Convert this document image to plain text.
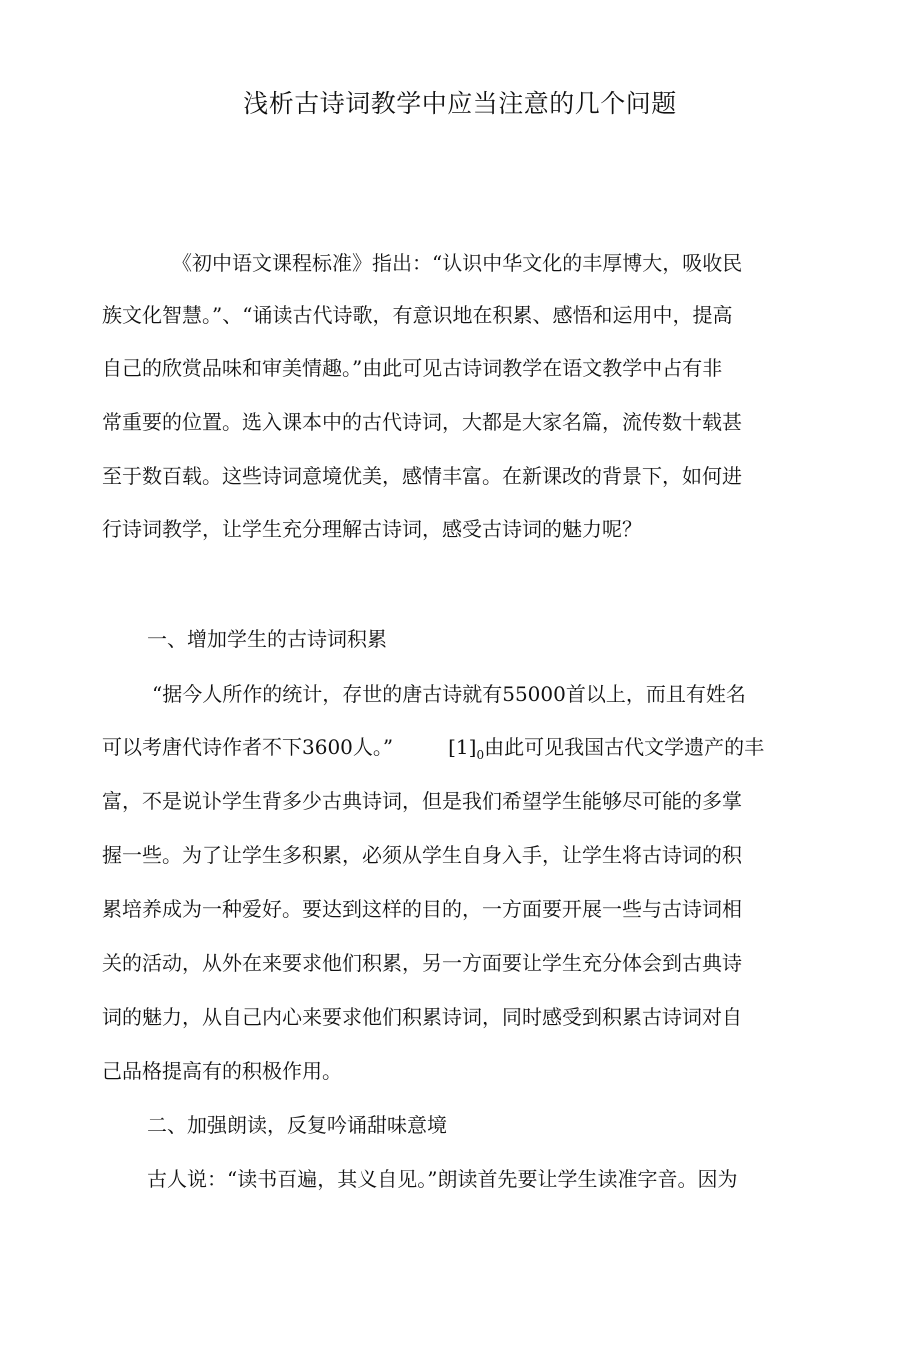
浅析古诗词教学中应当注意的几个问题

《初中语文课程标准》指出：“认识中华文化的丰厚博大，吸收民

族文化智慧。”、“诵读古代诗歌，有意识地在积累、感悟和运用中，提高

自己的欣赏品味和审美情趣。”由此可见古诗词教学在语文教学中占有非

常重要的位置。选入课本中的古代诗词，大都是大家名篇，流传数十载甚

至于数百载。这些诗词意境优美，感情丰富。在新课改的背景下，如何进

行诗词教学，让学生充分理解古诗词，感受古诗词的魅力呢？

一、增加学生的古诗词积累

“据今人所作的统计，存世的唐古诗就有55000首以上，而且有姓名

可以考唐代诗作者不下3600人。”	$[1]_0$由此可见我国古代文学遗产的丰

富，不是说讣学生背多少古典诗词，但是我们希望学生能够尽可能的多掌

握一些。为了让学生多积累，必须从学生自身入手，让学生将古诗词的积

累培养成为一种爱好。要达到这样的目的，一方面要开展一些与古诗词相

关的活动，从外在来要求他们积累，另一方面要让学生充分体会到古典诗

词的魅力，从自己内心来要求他们积累诗词，同时感受到积累古诗词对自

己品格提高有的积极作用。

二、加强朗读，反复吟诵甜味意境

古人说：“读书百遍，其义自见。”朗读首先要让学生读准字音。因为
